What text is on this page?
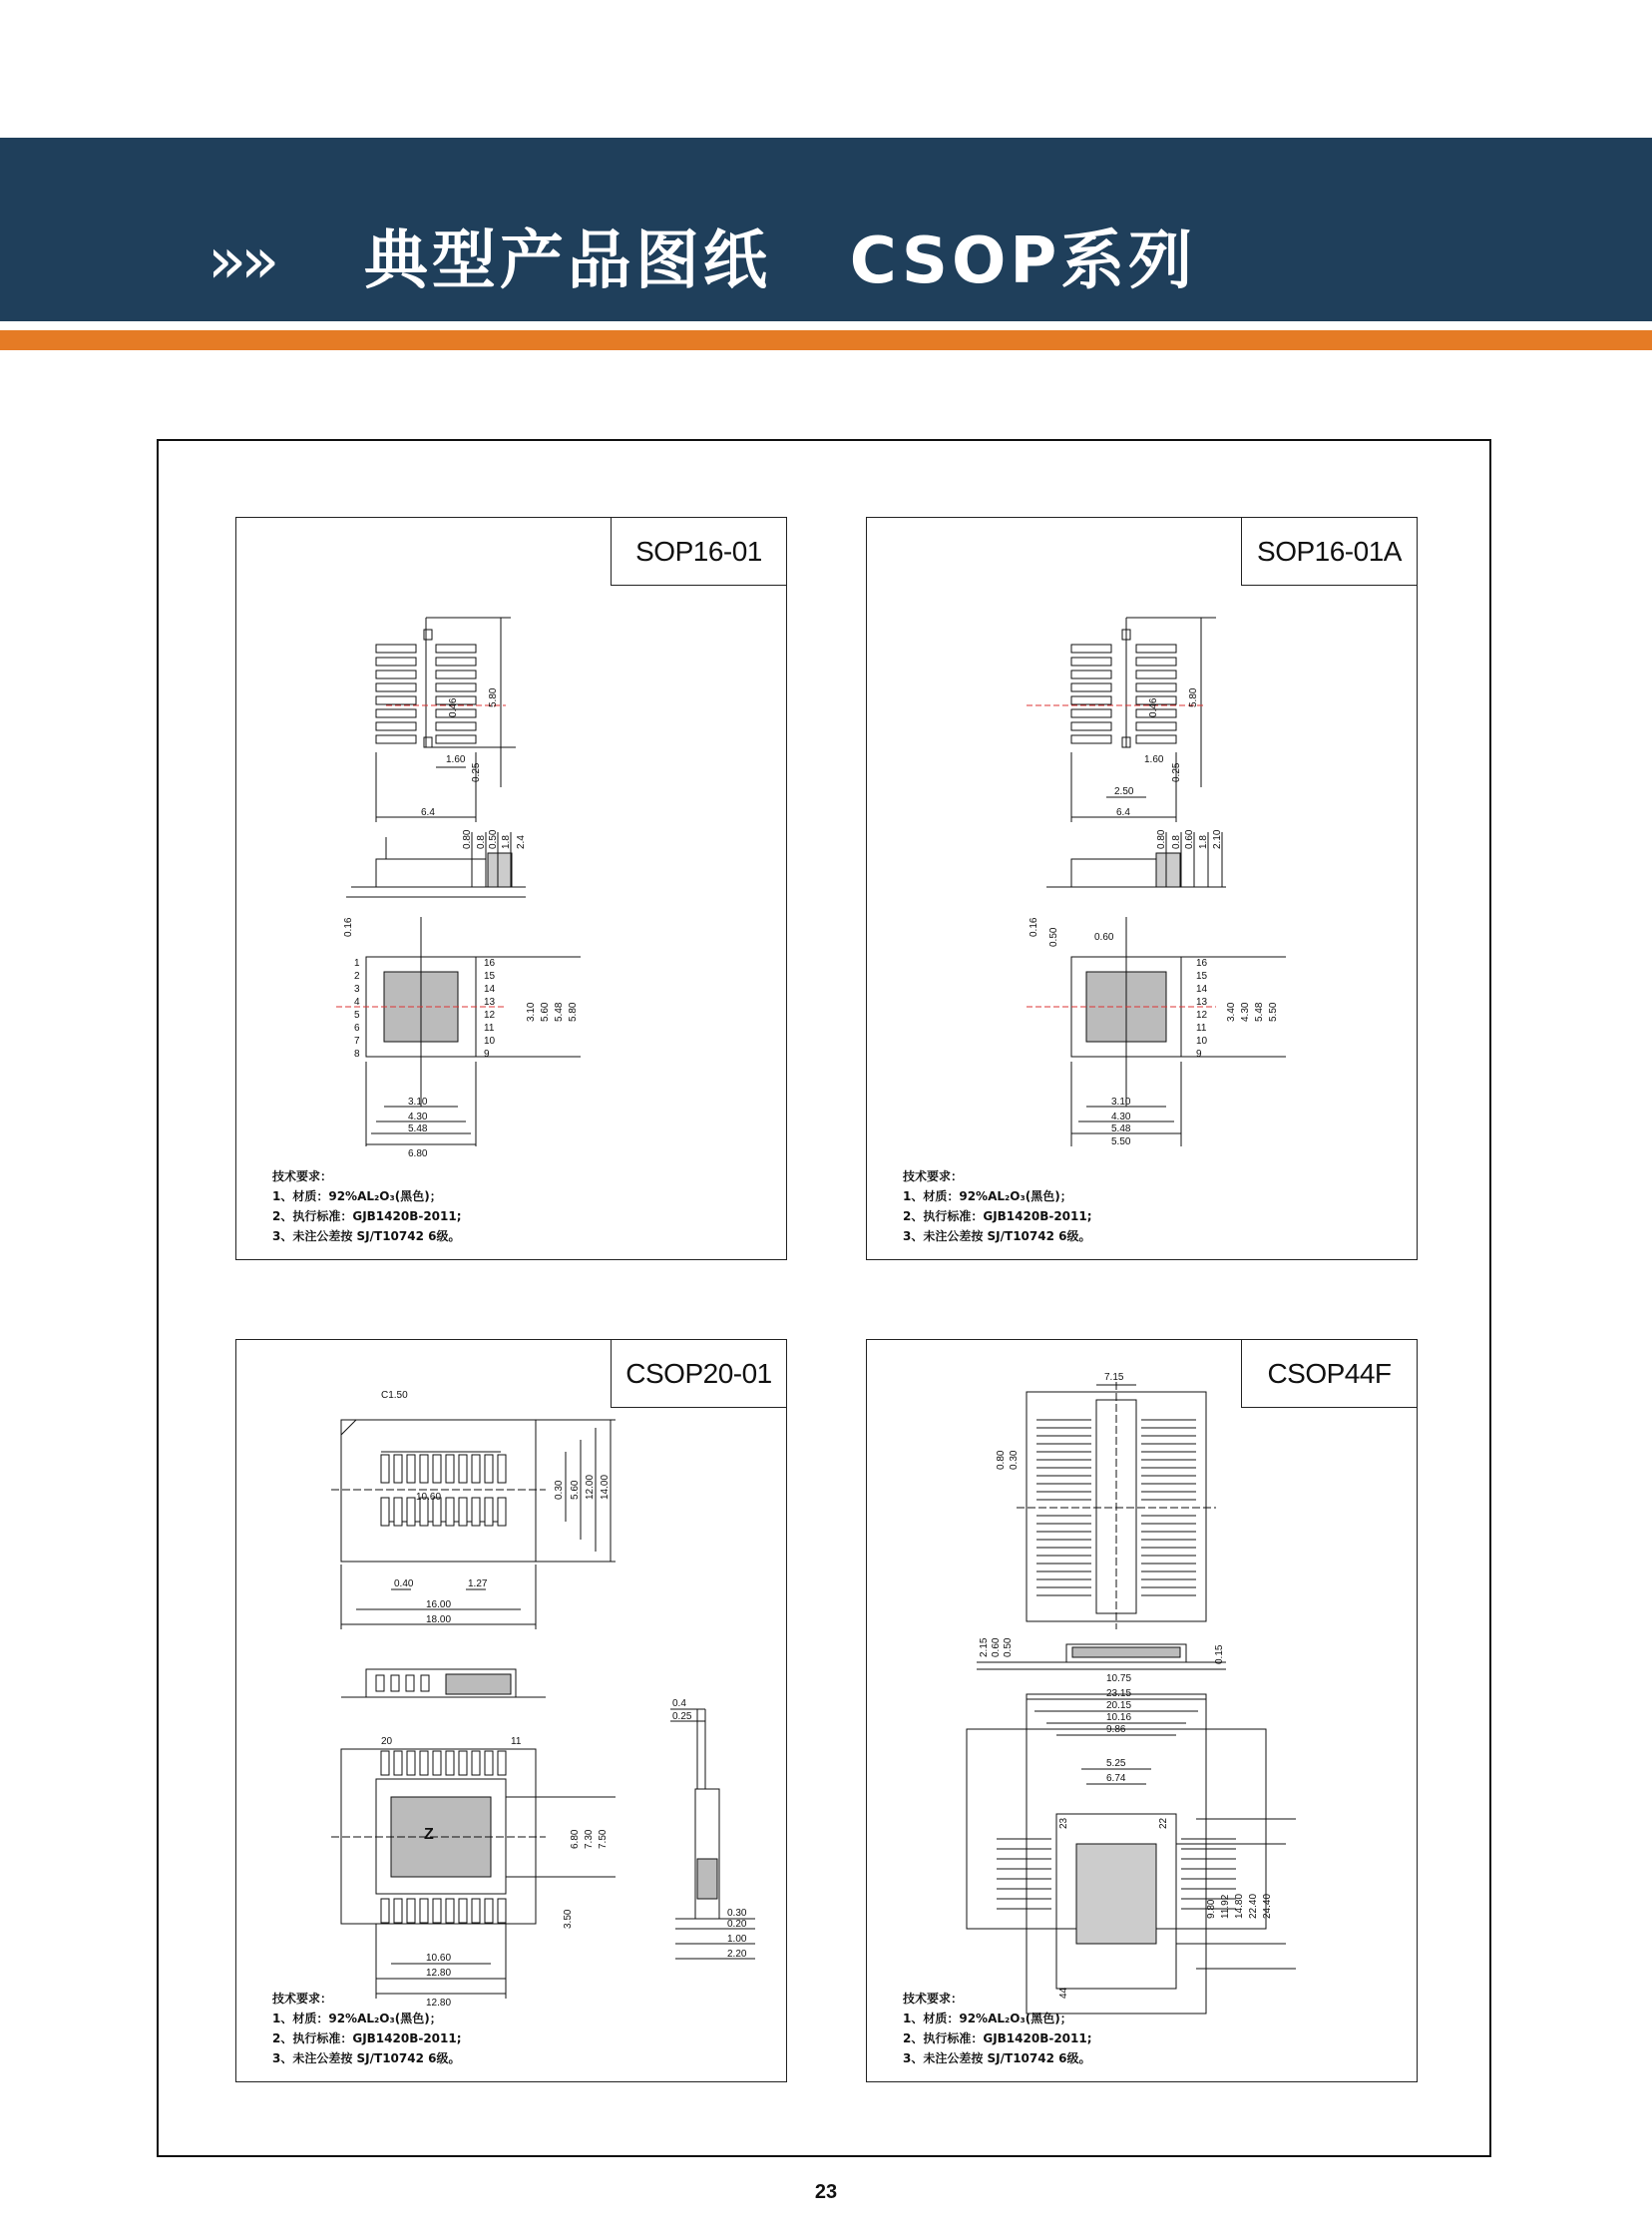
»» 典型产品图纸   CSOP系列
SOP16-01
6.4
1.60
0.46
5.80
0.25
0.80 0.8 0.50 1.8 2.4
0.16
1
2
3
4
5
6
7
8
16
15
14
13
12
11
10
9
3.10 5.60 5.48 5.80
3.10
4.30
5.48
6.80
技术要求：
1、材质：92%AL₂O₃(黑色)；
2、执行标准：GJB1420B-2011;
3、未注公差按 SJ/T10742 6级。
SOP16-01A
0.46
1.60
5.80
0.25
2.50
6.4
0.80 0.8 0.60 1.8 2.10
0.16
0.50	0.60
16
15
14
13
12
11
10
9
3.40 4.30 5.48 5.50
3.10
4.30
5.48
5.50
技术要求：
1、材质：92%AL₂O₃(黑色)；
2、执行标准：GJB1420B-2011;
3、未注公差按 SJ/T10742 6级。
CSOP20-01
C1.50
10.60	0.30 5.60 12.00 14.00
0.40	1.27
16.00
18.00
20	11
Z	6.80 7.30 7.50
3.50
10.60
12.80
12.80
0.4
0.25
0.30
0.20
1.00
2.20
技术要求：
1、材质：92%AL₂O₃(黑色)；
2、执行标准：GJB1420B-2011;
3、未注公差按 SJ/T10742 6级。
CSOP44F
7.15
0.80 0.30
2.15 0.60 0.50	0.15
10.75
23.15
20.15
10.16
9.86
5.25
6.74
23	22
44
9.80 11.92 14.80 22.40 24.40
技术要求：
1、材质：92%AL₂O₃(黑色)；
2、执行标准：GJB1420B-2011;
3、未注公差按 SJ/T10742 6级。
23
